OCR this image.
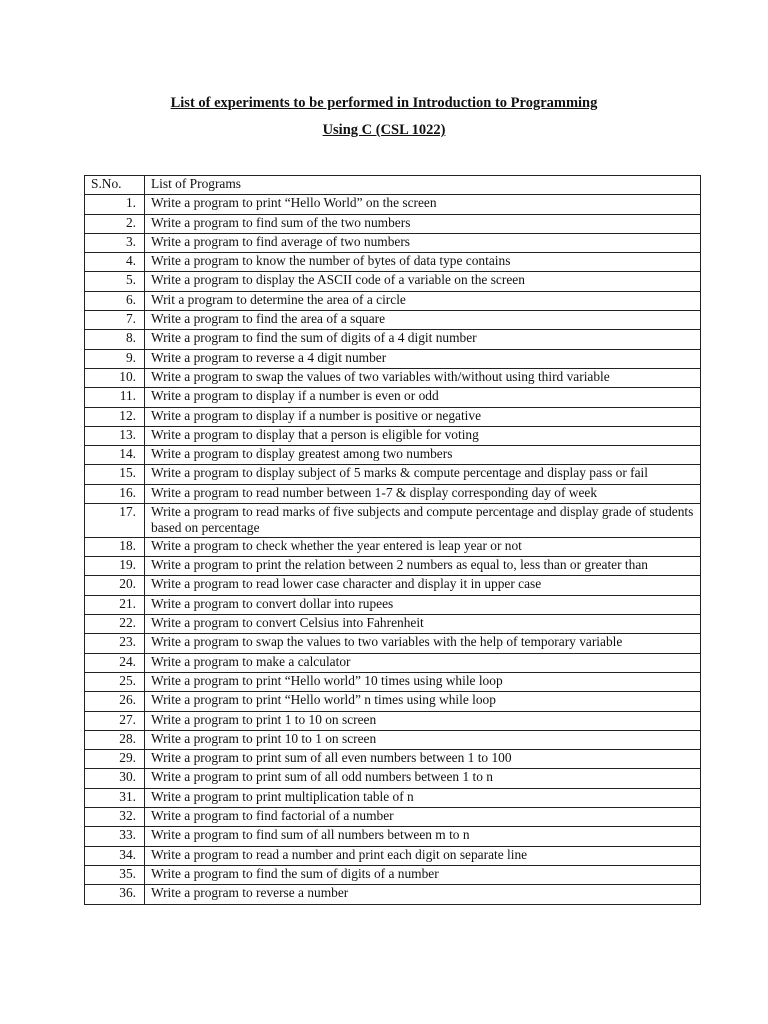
List of experiments to be performed in Introduction to Programming

Using C (CSL 1022)

S.No.	List of Programs
1.	Write a program to print “Hello World” on the screen
2.	Write a program to find sum of the two numbers
3.	Write a program to find average of two numbers
4.	Write a program to know the number of bytes of data type contains
5.	Write a program to display the ASCII code of a variable on the screen
6.	Writ a program to determine the area of a circle
7.	Write a program to find the area of a square
8.	Write a program to find the sum of digits of a 4 digit number
9.	Write a program to reverse a 4 digit number
10.	Write a program to swap the values of two variables with/without using third variable
11.	Write a program to display if a number is even or odd
12.	Write a program to display if a number is positive or negative
13.	Write a program to display that a person is eligible for voting
14.	Write a program to display greatest among two numbers
15.	Write a program to display subject of 5 marks & compute percentage and display pass or fail
16.	Write a program to read number between 1-7 & display corresponding day of week
17.	Write a program to read marks of five subjects and compute percentage and display grade of students based on percentage
18.	Write a program to check whether the year entered is leap year or not
19.	Write a program to print the relation between 2 numbers as equal to, less than or greater than
20.	Write a program to read lower case character and display it in upper case
21.	Write a program to convert dollar into rupees
22.	Write a program to convert Celsius into Fahrenheit
23.	Write a program to swap the values to two variables with the help of temporary variable
24.	Write a program to make a calculator
25.	Write a program to print “Hello world” 10 times using while loop
26.	Write a program to print “Hello world” n times using while loop
27.	Write a program to print 1 to 10 on screen
28.	Write a program to print 10 to 1 on screen
29.	Write a program to print sum of all even numbers between 1 to 100
30.	Write a program to print sum of all odd numbers between 1 to n
31.	Write a program to print multiplication table of n
32.	Write a program to find factorial of a number
33.	Write a program to find sum of all numbers between m to n
34.	Write a program to read a number and print each digit on separate line
35.	Write a program to find the sum of digits of a number
36.	Write a program to reverse a number
